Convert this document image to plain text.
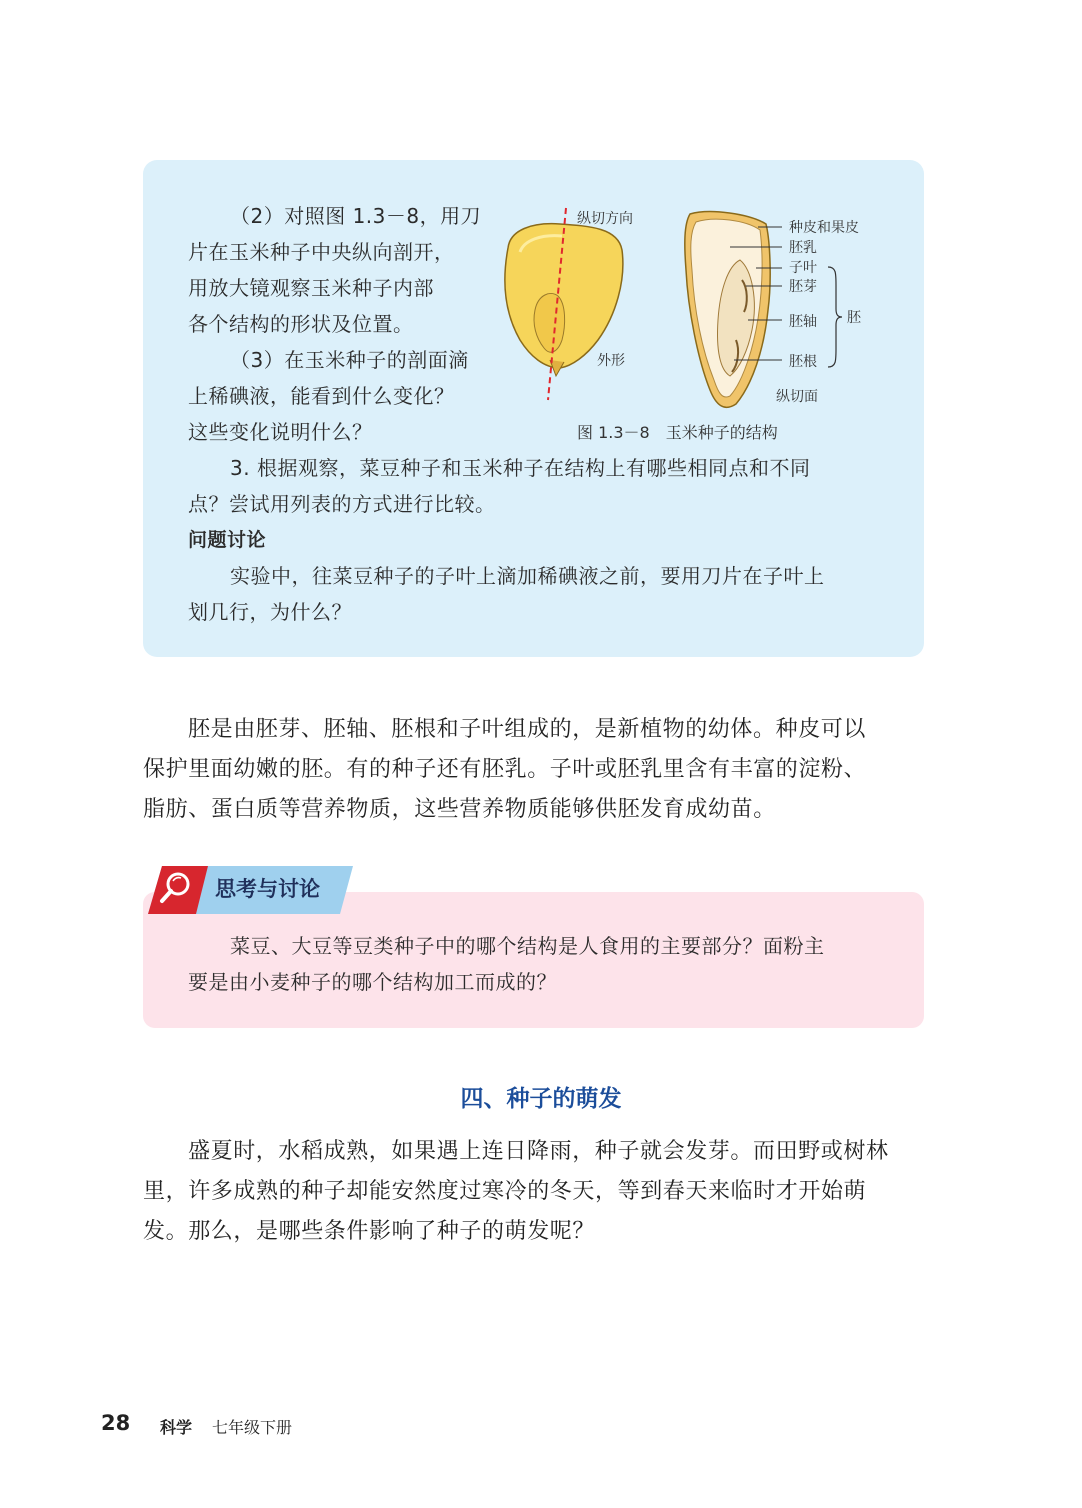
（2）对照图 1.3－8，用刀
片在玉米种子中央纵向剖开，
用放大镜观察玉米种子内部
各个结构的形状及位置。
（3）在玉米种子的剖面滴
上稀碘液，能看到什么变化？
这些变化说明什么？
3. 根据观察，菜豆种子和玉米种子在结构上有哪些相同点和不同
点？尝试用列表的方式进行比较。
问题讨论
实验中，往菜豆种子的子叶上滴加稀碘液之前，要用刀片在子叶上
划几行，为什么？
纵切方向
外形
纵切面
种皮和果皮
胚乳
子叶
胚芽
胚轴
胚根
胚
图 1.3－8　玉米种子的结构
胚是由胚芽、胚轴、胚根和子叶组成的，是新植物的幼体。种皮可以
保护里面幼嫩的胚。有的种子还有胚乳。子叶或胚乳里含有丰富的淀粉、
脂肪、蛋白质等营养物质，这些营养物质能够供胚发育成幼苗。
思考与讨论
菜豆、大豆等豆类种子中的哪个结构是人食用的主要部分？面粉主
要是由小麦种子的哪个结构加工而成的？
四、种子的萌发
盛夏时，水稻成熟，如果遇上连日降雨，种子就会发芽。而田野或树林
里，许多成熟的种子却能安然度过寒冷的冬天，等到春天来临时才开始萌
发。那么，是哪些条件影响了种子的萌发呢？
28 科学 七年级下册
